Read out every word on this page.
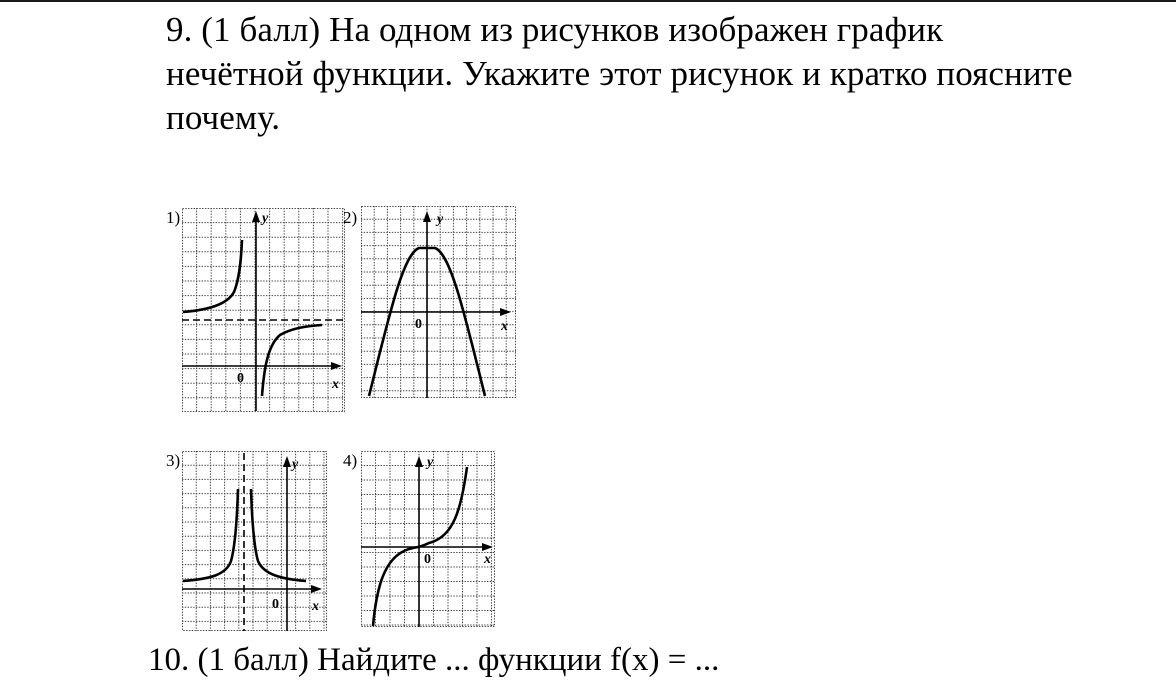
9. (1 балл) На одном из рисунков изображен график
нечётной функции. Укажите этот рисунок и кратко поясните
почему.
1)	y
x
0
2)	y
x
0
3)	y
x
0
4)	y
x
0
10. (1 балл) Найдите ... функции f(x) = ...
